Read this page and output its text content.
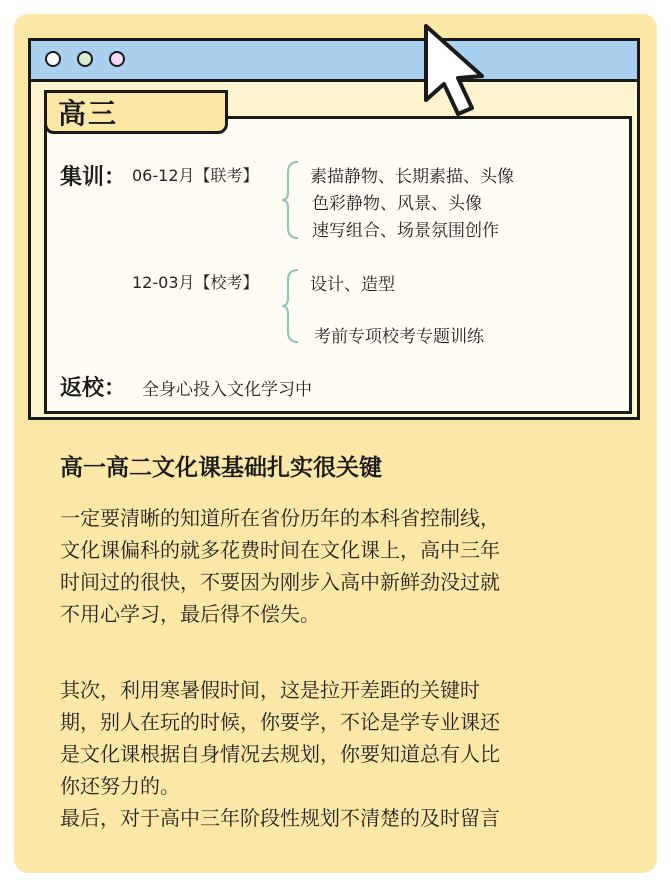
高三
集训： 06-12月【联考】	素描静物、长期素描、头像
色彩静物、风景、头像
速写组合、场景氛围创作
12-03月【校考】	设计、造型
考前专项校考专题训练
返校： 全身心投入文化学习中
高一高二文化课基础扎实很关键
一定要清晰的知道所在省份历年的本科省控制线，
文化课偏科的就多花费时间在文化课上，高中三年
时间过的很快，不要因为刚步入高中新鲜劲没过就
不用心学习，最后得不偿失。
其次，利用寒暑假时间，这是拉开差距的关键时
期，别人在玩的时候，你要学，不论是学专业课还
是文化课根据自身情况去规划，你要知道总有人比
你还努力的。
最后，对于高中三年阶段性规划不清楚的及时留言
